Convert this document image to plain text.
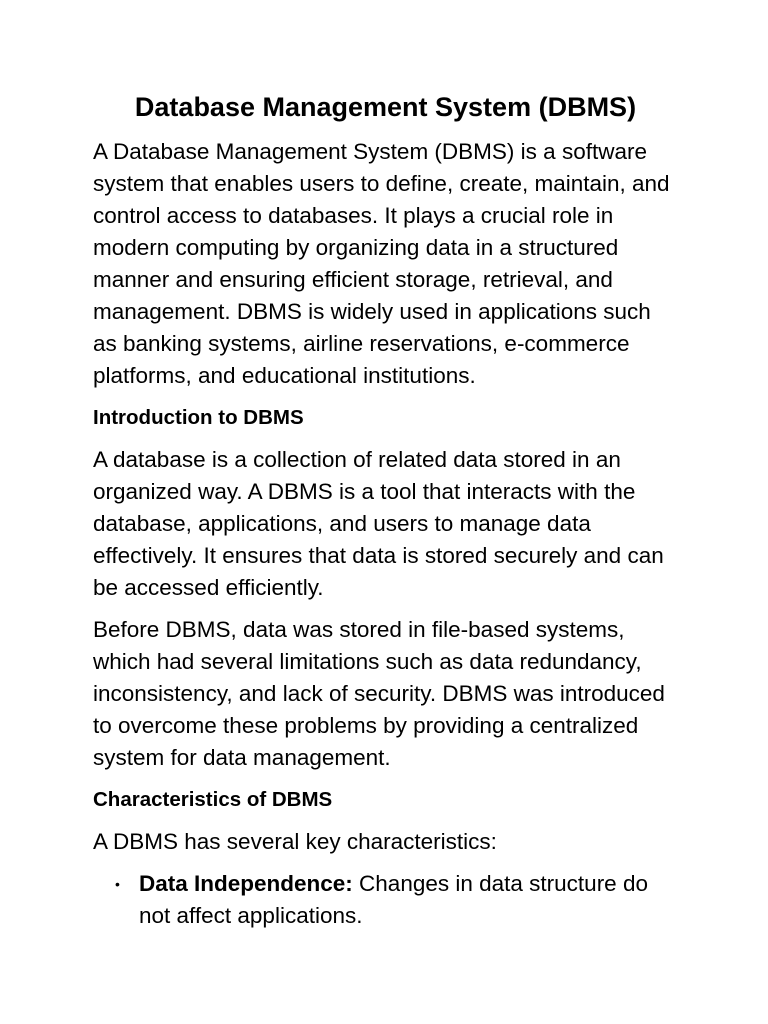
Database Management System (DBMS)

A Database Management System (DBMS) is a software system that enables users to define, create, maintain, and control access to databases. It plays a crucial role in modern computing by organizing data in a structured manner and ensuring efficient storage, retrieval, and management. DBMS is widely used in applications such as banking systems, airline reservations, e-commerce platforms, and educational institutions.

Introduction to DBMS

A database is a collection of related data stored in an organized way. A DBMS is a tool that interacts with the database, applications, and users to manage data effectively. It ensures that data is stored securely and can be accessed efficiently.

Before DBMS, data was stored in file-based systems, which had several limitations such as data redundancy, inconsistency, and lack of security. DBMS was introduced to overcome these problems by providing a centralized system for data management.

Characteristics of DBMS

A DBMS has several key characteristics:

• Data Independence: Changes in data structure do not affect applications.
